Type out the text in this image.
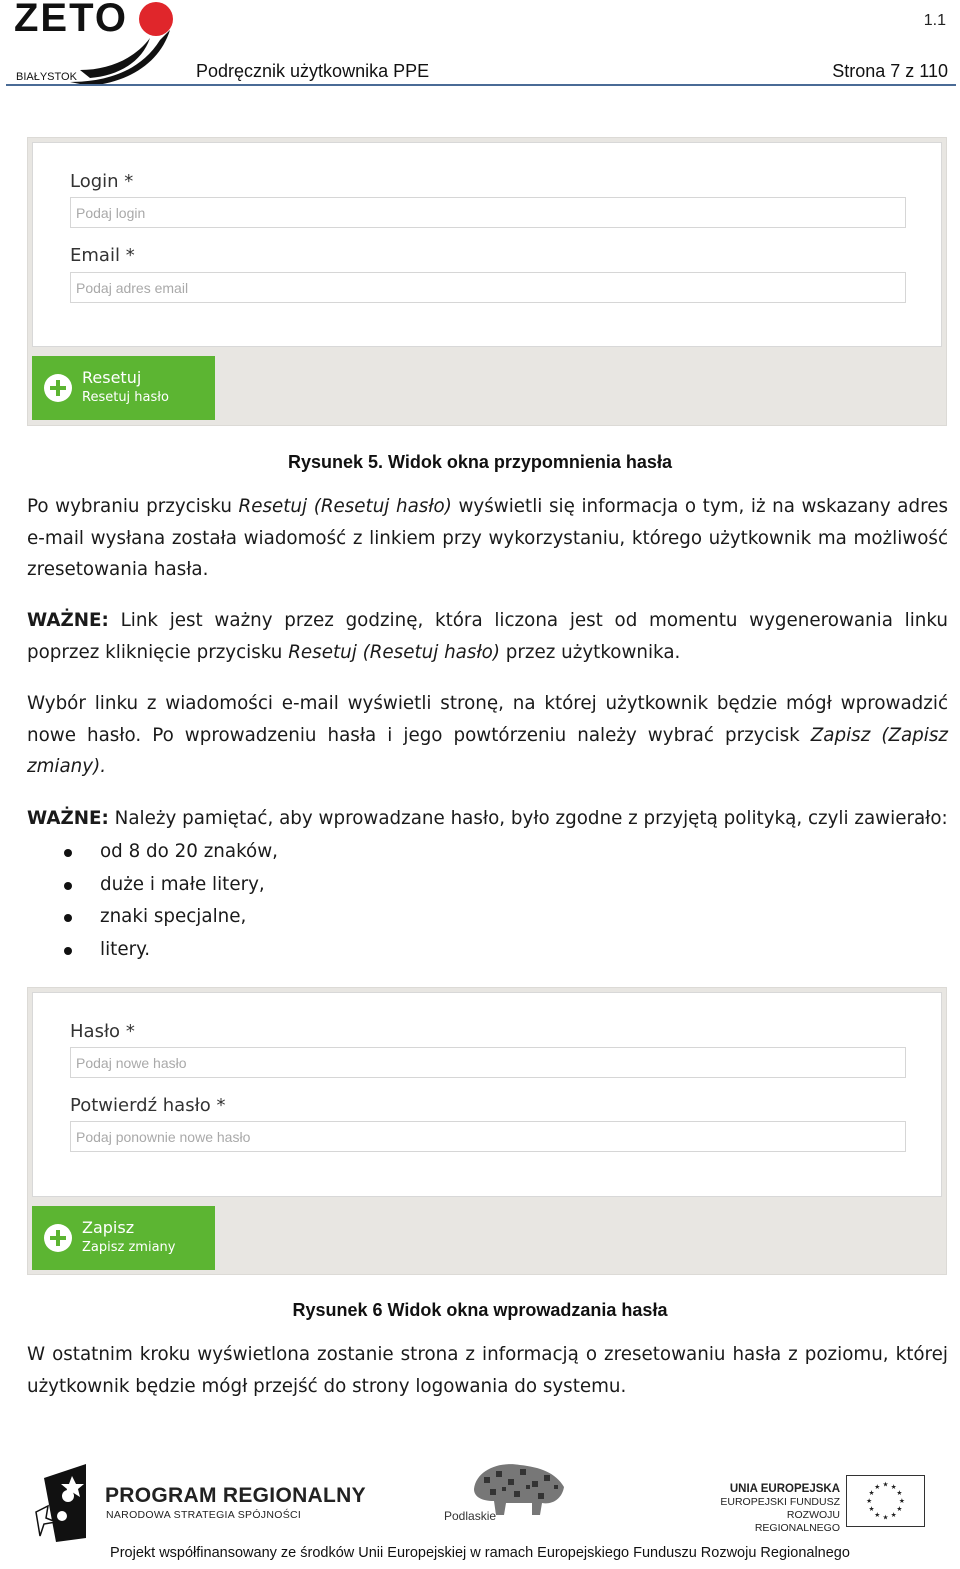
ZETO
BIAŁYSTOK
1.1
Podręcznik użytkownika PPE	Strona 7 z 110
Login *
Podaj login
Email *
Podaj adres email
Resetuj
Resetuj hasło
Rysunek 5. Widok okna przypomnienia hasła

Po wybraniu przycisku Resetuj (Resetuj hasło) wyświetli się informacja o tym, iż na wskazany adres e-mail wysłana została wiadomość z linkiem przy wykorzystaniu, którego użytkownik ma możliwość zresetowania hasła.

WAŻNE: Link jest ważny przez godzinę, która liczona jest od momentu wygenerowania linku poprzez kliknięcie przycisku Resetuj (Resetuj hasło) przez użytkownika.

Wybór linku z wiadomości e-mail wyświetli stronę, na której użytkownik będzie mógł wprowadzić nowe hasło. Po wprowadzeniu hasła i jego powtórzeniu należy wybrać przycisk Zapisz (Zapisz zmiany).

WAŻNE: Należy pamiętać, aby wprowadzane hasło, było zgodne z przyjętą polityką, czyli zawierało:

od 8 do 20 znaków,
duże i małe litery,
znaki specjalne,
litery.
Hasło *
Podaj nowe hasło
Potwierdź hasło *
Podaj ponownie nowe hasło
Zapisz
Zapisz zmiany
Rysunek 6 Widok okna wprowadzania hasła

W ostatnim kroku wyświetlona zostanie strona z informacją o zresetowaniu hasła z poziomu, której użytkownik będzie mógł przejść do strony logowania do systemu.

PROGRAM REGIONALNY
NARODOWA STRATEGIA SPÓJNOŚCI	Podlaskie
UNIA EUROPEJSKA
EUROPEJSKI FUNDUSZ
ROZWOJU REGIONALNEGO
★ ★
★
★
★
★
★
★
★
★
★
★
Projekt współfinansowany ze środków Unii Europejskiej w ramach Europejskiego Funduszu Rozwoju Regionalnego
